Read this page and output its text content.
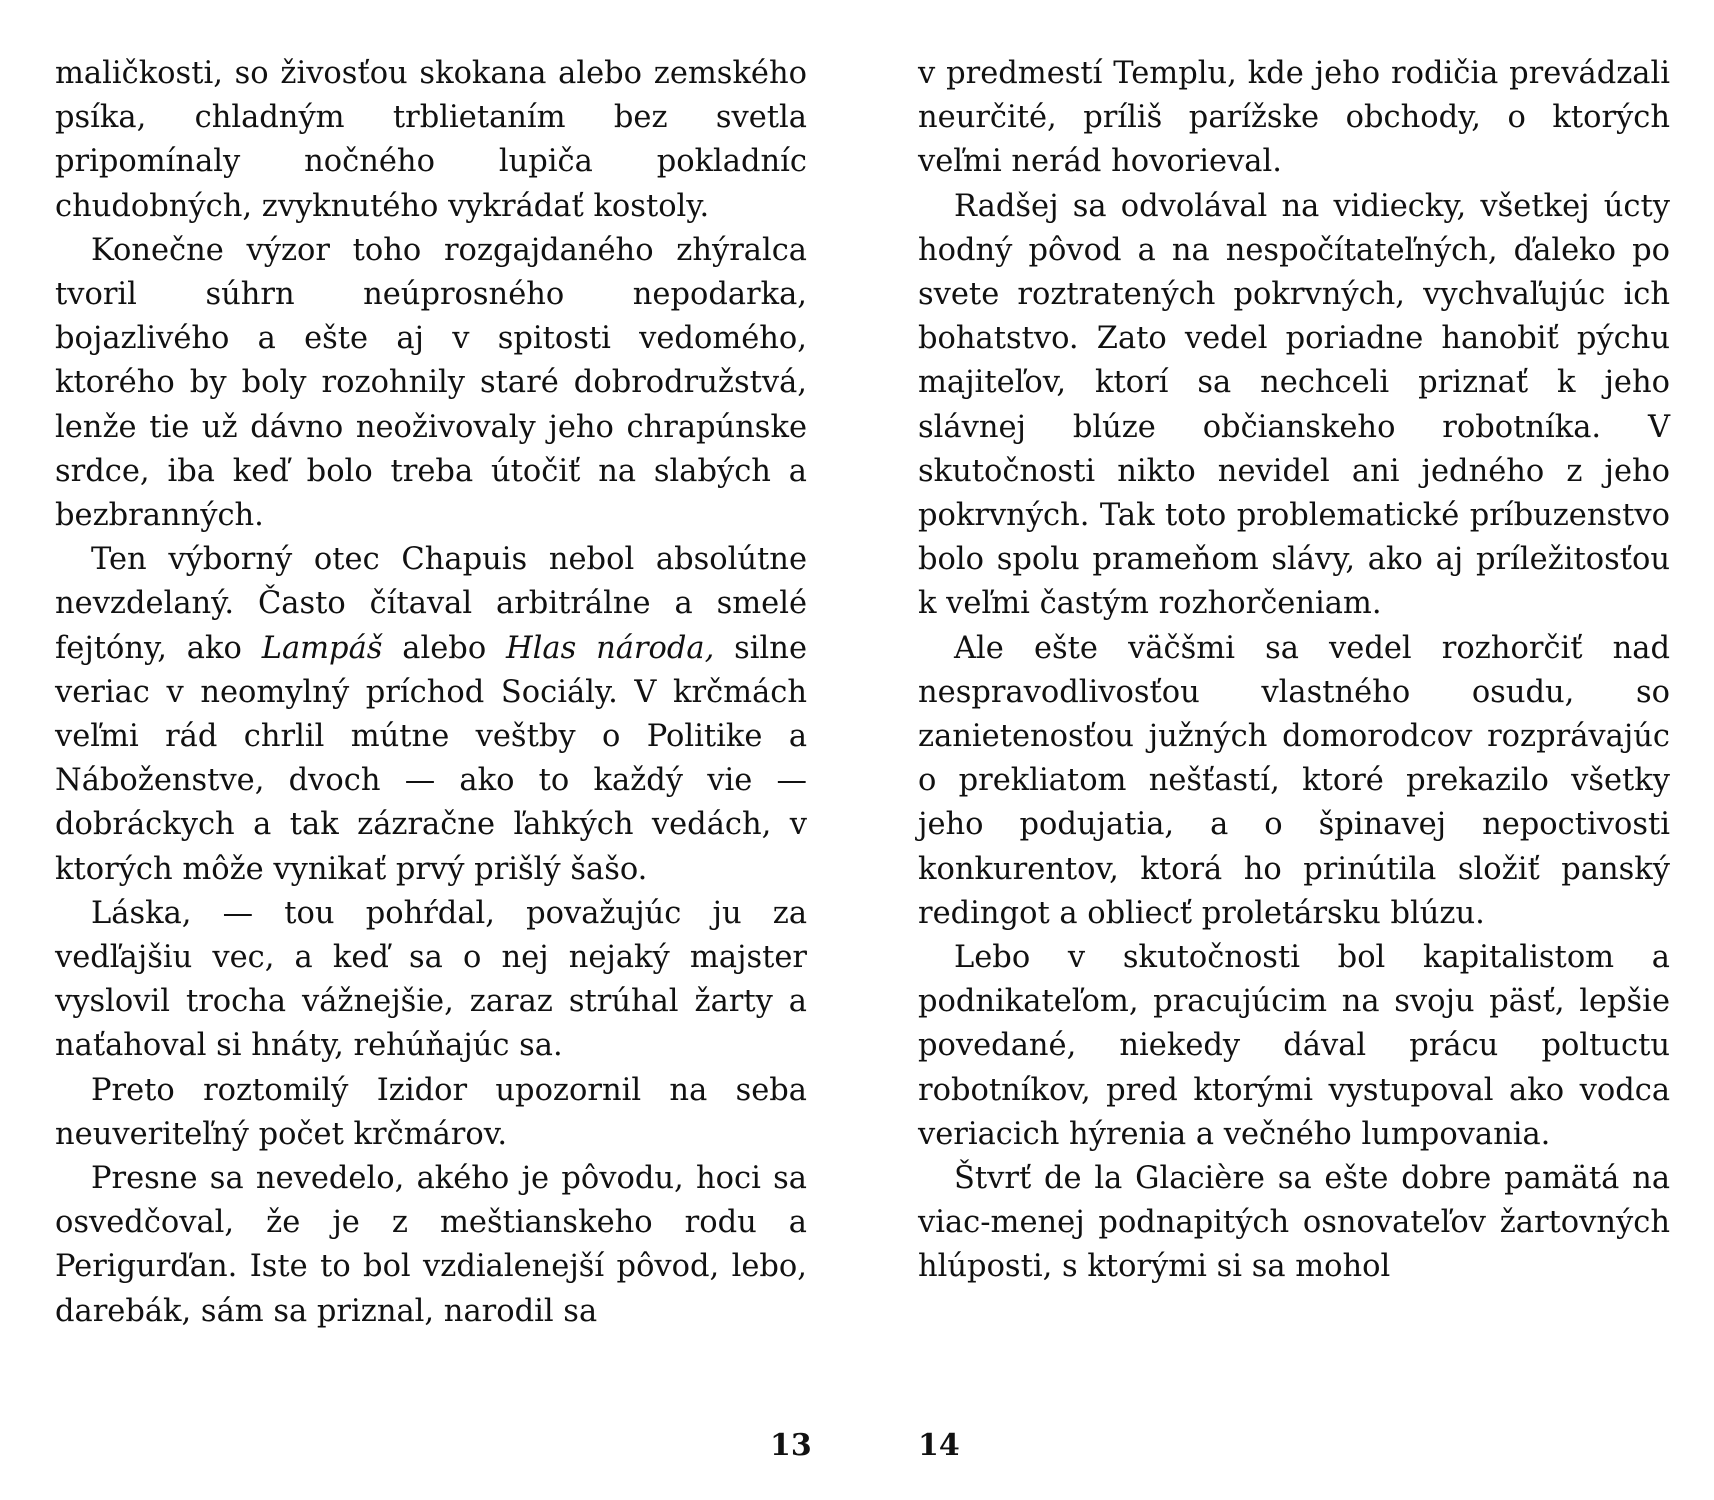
maličkosti, so živosťou skokana alebo zemského psíka, chladným trblietaním bez svetla pripomínaly nočného lupiča pokladníc chudobných, zvyknutého vykrádať kostoly.

Konečne výzor toho rozgajdaného zhýralca tvoril súhrn neúprosného nepodarka, bojazlivého a ešte aj v spitosti vedomého, ktorého by boly rozohnily staré dobrodružstvá, lenže tie už dávno neoživovaly jeho chrapúnske srdce, iba keď bolo treba útočiť na slabých a bezbranných.

Ten výborný otec Chapuis nebol absolútne nevzdelaný. Často čítaval arbitrálne a smelé fejtóny, ako Lampáš alebo Hlas národa, silne veriac v neomylný príchod Sociály. V krčmách veľmi rád chrlil mútne veštby o Politike a Náboženstve, dvoch — ako to každý vie — dobráckych a tak zázračne ľahkých vedách, v ktorých môže vynikať prvý prišlý šašo.

Láska, — tou pohŕdal, považujúc ju za vedľajšiu vec, a keď sa o nej nejaký majster vyslovil trocha vážnejšie, zaraz strúhal žarty a naťahoval si hnáty, rehúňajúc sa.

Preto roztomilý Izidor upozornil na seba neuveriteľný počet krčmárov.

Presne sa nevedelo, akého je pôvodu, hoci sa osvedčoval, že je z meštianskeho rodu a Perigurďan. Iste to bol vzdialenejší pôvod, lebo, darebák, sám sa priznal, narodil sa

v predmestí Templu, kde jeho rodičia prevádzali neurčité, príliš parížske obchody, o ktorých veľmi nerád hovorieval.

Radšej sa odvolával na vidiecky, všetkej úcty hodný pôvod a na nespočítateľných, ďaleko po svete roztratených pokrvných, vychvaľujúc ich bohatstvo. Zato vedel poriadne hanobiť pýchu majiteľov, ktorí sa nechceli priznať k jeho slávnej blúze občianskeho robotníka. V skutočnosti nikto nevidel ani jedného z jeho pokrvných. Tak toto problematické príbuzenstvo bolo spolu prameňom slávy, ako aj príležitosťou k veľmi častým rozhorčeniam.

Ale ešte väčšmi sa vedel rozhorčiť nad nespravodlivosťou vlastného osudu, so zanietenosťou južných domorodcov rozprávajúc o prekliatom nešťastí, ktoré prekazilo všetky jeho podujatia, a o špinavej nepoctivosti konkurentov, ktorá ho prinútila složiť panský redingot a obliecť proletársku blúzu.

Lebo v skutočnosti bol kapitalistom a podnikateľom, pracujúcim na svoju päsť, lepšie povedané, niekedy dával prácu poltuctu robotníkov, pred ktorými vystupoval ako vodca veriacich hýrenia a večného lumpovania.

Štvrť de la Glacière sa ešte dobre pamätá na viac-menej podnapitých osnovateľov žartovných hlúposti, s ktorými si sa mohol

13	14
